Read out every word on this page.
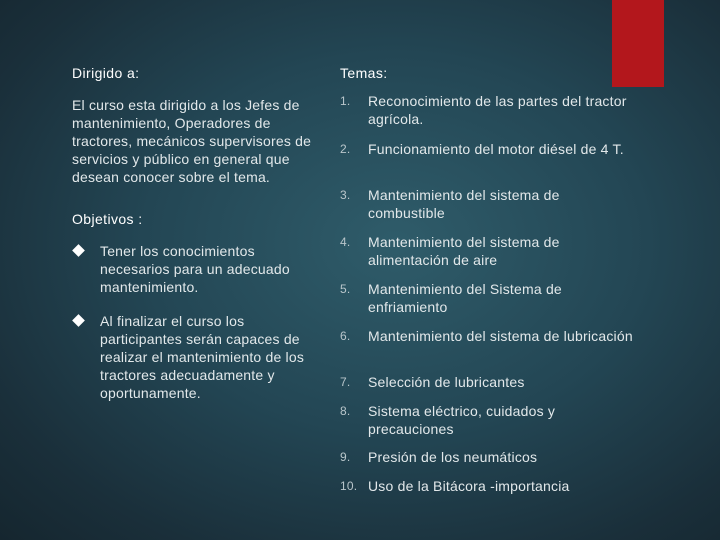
Dirigido a:
El curso esta dirigido a los Jefes de mantenimiento, Operadores de tractores, mecánicos supervisores de servicios y público en general que desean conocer sobre el tema.
Objetivos :
Tener los conocimientos necesarios para un adecuado mantenimiento.
Al finalizar el curso los participantes serán capaces de realizar el mantenimiento de los tractores adecuadamente y oportunamente.
Temas:
1.	Reconocimiento de las partes del tractor agrícola.
2.	Funcionamiento del motor diésel de 4 T.
3.	Mantenimiento del sistema de combustible
4.	Mantenimiento del sistema de alimentación de aire
5.	Mantenimiento del Sistema de enfriamiento
6.	Mantenimiento del sistema de lubricación
7.	Selección de lubricantes
8.	Sistema eléctrico, cuidados y precauciones
9.	Presión de los neumáticos
10. Uso de la Bitácora -importancia
